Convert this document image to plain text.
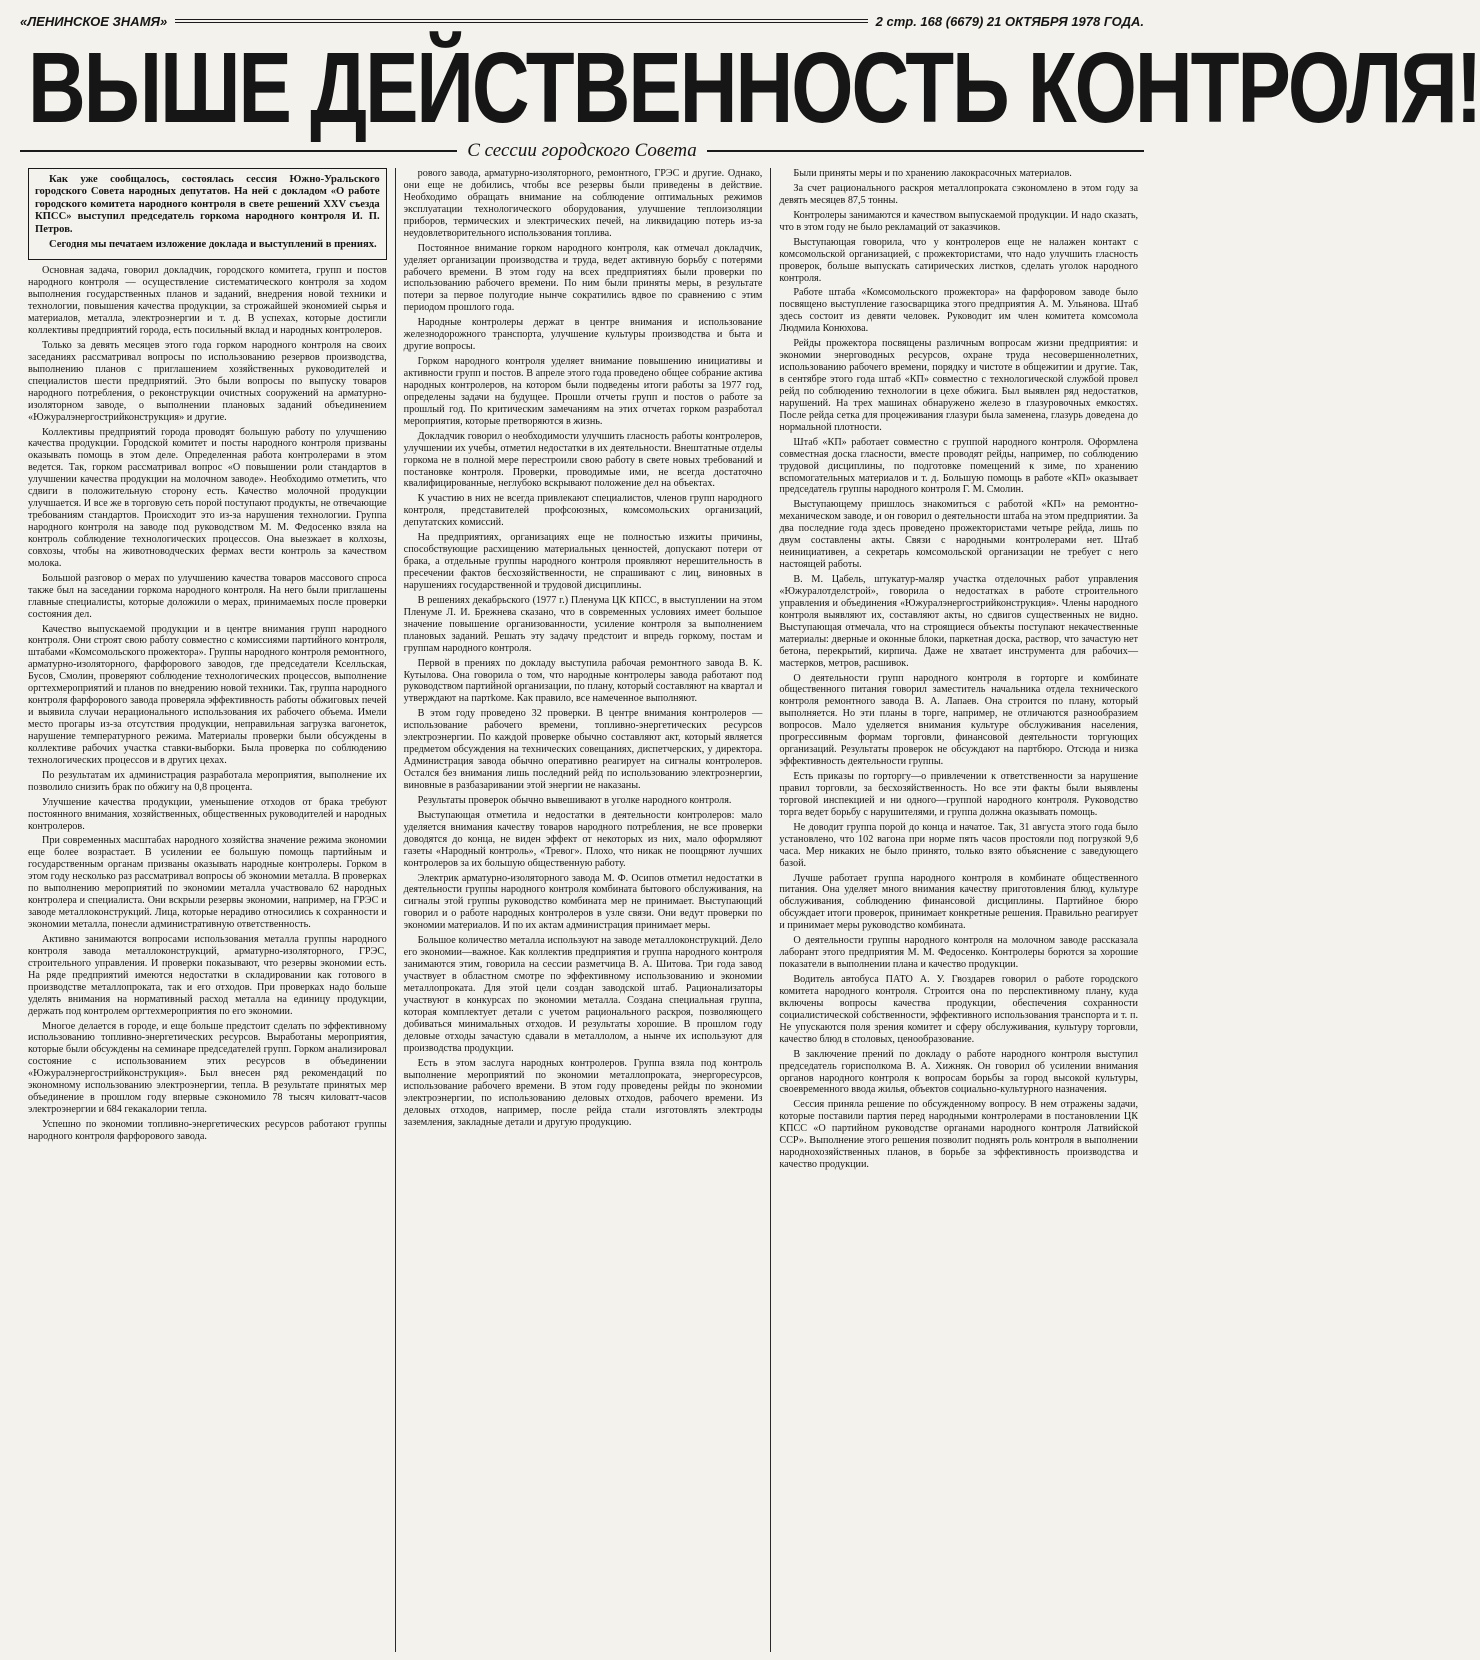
«ЛЕНИНСКОЕ ЗНАМЯ»	2 стр. 168 (6679) 21 ОКТЯБРЯ 1978 ГОДА.
ВЫШЕ ДЕЙСТВЕННОСТЬ КОНТРОЛЯ!
С сессии городского Совета

Как уже сообщалось, состоялась сессия Южно-Уральского городского Совета народных депутатов. На ней с докладом «О работе городского комитета народного контроля в свете решений XXV съезда КПСС» выступил председатель горкома народного контроля И. П. Петров.

Сегодня мы печатаем изложение доклада и выступлений в прениях.

Основная задача, говорил докладчик, городского комитета, групп и постов народного контроля — осуществление систематического контроля за ходом выполнения государственных планов и заданий, внедрения новой техники и технологии, повышения качества продукции, за строжайшей экономией сырья и материалов, металла, электроэнергии и т. д. В успехах, которые достигли коллективы предприятий города, есть посильный вклад и народных контролеров.

Только за девять месяцев этого года горком народного контроля на своих заседаниях рассматривал вопросы по использованию резервов производства, выполнению планов с приглашением хозяйственных руководителей и специалистов шести предприятий. Это были вопросы по выпуску товаров народного потребления, о реконструкции очистных сооружений на арматурно-изоляторном заводе, о выполнении плановых заданий объединением «Южуралэнергострийконструкция» и другие.

Коллективы предприятий города проводят большую работу по улучшению качества продукции. Городской комитет и посты народного контроля призваны оказывать помощь в этом деле. Определенная работа контролерами в этом ведется. Так, горком рассматривал вопрос «О повышении роли стандартов в улучшении качества продукции на молочном заводе». Необходимо отметить, что сдвиги в положительную сторону есть. Качество молочной продукции улучшается. И все же в торговую сеть порой поступают продукты, не отвечающие требованиям стандартов. Происходит это из-за нарушения технологии. Группа народного контроля на заводе под руководством М. М. Федосенко взяла на контроль соблюдение технологических процессов. Она выезжает в колхозы, совхозы, чтобы на животноводческих фермах вести контроль за качеством молока.

Большой разговор о мерах по улучшению качества товаров массового спроса также был на заседании горкома народного контроля. На него были приглашены главные специалисты, которые доложили о мерах, принимаемых после проверки состояния дел.

Качество выпускаемой продукции и в центре внимания групп народного контроля. Они строят свою работу совместно с комиссиями партийного контроля, штабами «Комсомольского прожектора». Группы народного контроля ремонтного, арматурно-изоляторного, фарфорового заводов, где председатели Кселльская, Бусов, Смолин, проверяют соблюдение технологических процессов, выполнение оргтехмероприятий и планов по внедрению новой техники. Так, группа народного контроля фарфорового завода проверяла эффективность работы обжиговых печей и выявила случаи нерационального использования их рабочего объема. Имели место прогары из-за отсутствия продукции, неправильная загрузка вагонеток, нарушение температурного режима. Материалы проверки были обсуждены в коллективе рабочих участка ставки-выборки. Была проверка по соблюдению технологических процессов и в других цехах.

По результатам их администрация разработала мероприятия, выполнение их позволило снизить брак по обжигу на 0,8 процента.

Улучшение качества продукции, уменьшение отходов от брака требуют постоянного внимания, хозяйственных, общественных руководителей и народных контролеров.

При современных масштабах народного хозяйства значение режима экономии еще более возрастает. В усилении ее большую помощь партийным и государственным органам призваны оказывать народные контролеры. Горком в этом году несколько раз рассматривал вопросы об экономии металла. В проверках по выполнению мероприятий по экономии металла участвовало 62 народных контролера и специалиста. Они вскрыли резервы экономии, например, на ГРЭС и заводе металлоконструкций. Лица, которые нерадиво относились к сохранности и экономии металла, понесли административную ответственность.

Активно занимаются вопросами использования металла группы народного контроля завода металлоконструкций, арматурно-изоляторного, ГРЭС, строительного управления. И проверки показывают, что резервы экономии есть. На ряде предприятий имеются недостатки в складировании как готового в производстве металлопроката, так и его отходов. При проверках надо больше уделять внимания на нормативный расход металла на единицу продукции, держать под контролем оргтехмероприятия по его экономии.

Многое делается в городе, и еще больше предстоит сделать по эффективному использованию топливно-энергетических ресурсов. Выработаны мероприятия, которые были обсуждены на семинаре председателей групп. Горком анализировал состояние с использованием этих ресурсов в объединении «Южуралэнергострийконструкция». Был внесен ряд рекомендаций по экономному использованию электроэнергии, тепла. В результате принятых мер объединение в прошлом году впервые сэкономило 78 тысяч киловатт-часов электроэнергии и 684 гекакалории тепла.

Успешно по экономии топливно-энергетических ресурсов работают группы народного контроля фарфорового завода.

рового завода, арматурно-изоляторного, ремонтного, ГРЭС и другие. Однако, они еще не добились, чтобы все резервы были приведены в действие. Необходимо обращать внимание на соблюдение оптимальных режимов эксплуатации технологического оборудования, улучшение теплоизоляции приборов, термических и электрических печей, на ликвидацию потерь из-за неудовлетворительного использования топлива.

Постоянное внимание горком народного контроля, как отмечал докладчик, уделяет организации производства и труда, ведет активную борьбу с потерями рабочего времени. В этом году на всех предприятиях были проверки по использованию рабочего времени. По ним были приняты меры, в результате потери за первое полугодие нынче сократились вдвое по сравнению с этим периодом прошлого года.

Народные контролеры держат в центре внимания и использование железнодорожного транспорта, улучшение культуры производства и быта и другие вопросы.

Горком народного контроля уделяет внимание повышению инициативы и активности групп и постов. В апреле этого года проведено общее собрание актива народных контролеров, на котором были подведены итоги работы за 1977 год, определены задачи на будущее. Прошли отчеты групп и постов о работе за прошлый год. По критическим замечаниям на этих отчетах горком разработал мероприятия, которые претворяются в жизнь.

Докладчик говорил о необходимости улучшить гласность работы контролеров, улучшении их учебы, отметил недостатки в их деятельности. Внештатные отделы горкома не в полной мере перестроили свою работу в свете новых требований и постановке контроля. Проверки, проводимые ими, не всегда достаточно квалифицированные, неглубоко вскрывают положение дел на объектах.

К участию в них не всегда привлекают специалистов, членов групп народного контроля, представителей профсоюзных, комсомольских организаций, депутатских комиссий.

На предприятиях, организациях еще не полностью изжиты причины, способствующие расхищению материальных ценностей, допускают потери от брака, а отдельные группы народного контроля проявляют нерешительность в пресечении фактов бесхозяйственности, не спрашивают с лиц, виновных в нарушениях государственной и трудовой дисциплины.

В решениях декабрьского (1977 г.) Пленума ЦК КПСС, в выступлении на этом Пленуме Л. И. Брежнева сказано, что в современных условиях имеет большое значение повышение организованности, усиление контроля за выполнением плановых заданий. Решать эту задачу предстоит и впредь горкому, постам и группам народного контроля.

Первой в прениях по докладу выступила рабочая ремонтного завода В. К. Кутылова. Она говорила о том, что народные контролеры завода работают под руководством партийной организации, по плану, который составляют на квартал и утверждают на партkоме. Как правило, все намеченное выполняют.

В этом году проведено 32 проверки. В центре внимания контролеров — использование рабочего времени, топливно-энергетических ресурсов электроэнергии. По каждой проверке обычно составляют акт, который является предметом обсуждения на технических совещаниях, диспетчерских, у директора. Администрация завода обычно оперативно реагирует на сигналы контролеров. Остался без внимания лишь последний рейд по использованию электроэнергии, виновные в разбазаривании этой энергии не наказаны.

Результаты проверок обычно вывешивают в уголке народного контроля.

Выступающая отметила и недостатки в деятельности контролеров: мало уделяется внимания качеству товаров народного потребления, не все проверки доводятся до конца, не виден эффект от некоторых из них, мало оформляют газеты «Народный контроль», «Тревог». Плохо, что никак не поощряют лучших контролеров за их большую общественную работу.

Электрик арматурно-изоляторного завода М. Ф. Осипов отметил недостатки в деятельности группы народного контроля комбината бытового обслуживания, на сигналы этой группы руководство комбината мер не принимает. Выступающий говорил и о работе народных контролеров в узле связи. Они ведут проверки по экономии материалов. И по их актам администрация принимает меры.

Большое количество металла используют на заводе металлоконструкций. Дело его экономии—важное. Как коллектив предприятия и группа народного контроля занимаются этим, говорила на сессии разметчица В. А. Шитова. Три года завод участвует в областном смотре по эффективному использованию и экономии металлопроката. Для этой цели создан заводской штаб. Рационализаторы участвуют в конкурсах по экономии металла. Создана специальная группа, которая комплектует детали с учетом рационального раскроя, позволяющего добиваться минимальных отходов. И результаты хорошие. В прошлом году деловые отходы зачастую сдавали в металлолом, а нынче их используют для производства продукции.

Есть в этом заслуга народных контролеров. Группа взяла под контроль выполнение мероприятий по экономии металлопроката, энергоресурсов, использование рабочего времени. В этом году проведены рейды по экономии электроэнергии, по использованию деловых отходов, рабочего времени. Из деловых отходов, например, после рейда стали изготовлять электроды заземления, закладные детали и другую продукцию.

Были приняты меры и по хранению лакокрасочных материалов.

За счет рационального раскроя металлопроката сэкономлено в этом году за девять месяцев 87,5 тонны.

Контролеры занимаются и качеством выпускаемой продукции. И надо сказать, что в этом году не было рекламаций от заказчиков.

Выступающая говорила, что у контролеров еще не налажен контакт с комсомольской организацией, с прожектористами, что надо улучшить гласность проверок, больше выпускать сатирических листков, сделать уголок народного контроля.

Работе штаба «Комсомольского прожектора» на фарфоровом заводе было посвящено выступление газосварщика этого предприятия А. М. Ульянова. Штаб здесь состоит из девяти человек. Руководит им член комитета комсомола Людмила Конюхова.

Рейды прожектора посвящены различным вопросам жизни предприятия: и экономии энерговодных ресурсов, охране труда несовершеннолетних, использованию рабочего времени, порядку и чистоте в общежитии и другие. Так, в сентябре этого года штаб «КП» совместно с технологической службой провел рейд по соблюдению технологии в цехе обжига. Был выявлен ряд недостатков, нарушений. На трех машинах обнаружено железо в глазуровочных емкостях. После рейда сетка для процеживания глазури была заменена, глазурь доведена до нормальной плотности.

Штаб «КП» работает совместно с группой народного контроля. Оформлена совместная доска гласности, вместе проводят рейды, например, по соблюдению трудовой дисциплины, по подготовке помещений к зиме, по хранению вспомогательных материалов и т. д. Большую помощь в работе «КП» оказывает председатель группы народного контроля Г. М. Смолин.

Выступающему пришлось знакомиться с работой «КП» на ремонтно-механическом заводе, и он говорил о деятельности штаба на этом предприятии. За два последние года здесь проведено прожектористами четыре рейда, лишь по двум составлены акты. Связи с народными контролерами нет. Штаб неинициативен, а секретарь комсомольской организации не требует с него настоящей работы.

В. М. Цабель, штукатур-маляр участка отделочных работ управления «Южуралотделстрой», говорила о недостатках в работе строительного управления и объединения «Южуралэнергострийконструкция». Члены народного контроля выявляют их, составляют акты, но сдвигов существенных не видно. Выступающая отмечала, что на строящиеся объекты поступают некачественные материалы: дверные и оконные блоки, паркетная доска, раствор, что зачастую нет бетона, перекрытий, кирпича. Даже не хватает инструмента для рабочих—мастерков, метров, расшивок.

О деятельности групп народного контроля в горторге и комбинате общественного питания говорил заместитель начальника отдела технического контроля ремонтного завода В. А. Лапаев. Она строится по плану, который выполняется. Но эти планы в торге, например, не отличаются разнообразием вопросов. Мало уделяется внимания культуре обслуживания населения, прогрессивным формам торговли, финансовой деятельности торгующих организаций. Результаты проверок не обсуждают на партбюро. Отсюда и низка эффективность деятельности группы.

Есть приказы по горторгу—о привлечении к ответственности за нарушение правил торговли, за бесхозяйственность. Но все эти факты были выявлены торговой инспекцией и ни одного—группой народного контроля. Руководство торга ведет борьбу с нарушителями, и группа должна оказывать помощь.

Не доводит группа порой до конца и начатое. Так, 31 августа этого года было установлено, что 102 вагона при норме пять часов простояли под погрузкой 9,6 часа. Мер никаких не было принято, только взято объяснение с заведующего базой.

Лучше работает группа народного контроля в комбинате общественного питания. Она уделяет много внимания качеству приготовления блюд, культуре обслуживания, соблюдению финансовой дисциплины. Партийное бюро обсуждает итоги проверок, принимает конкретные решения. Правильно реагирует и принимает меры руководство комбината.

О деятельности группы народного контроля на молочном заводе рассказала лаборант этого предприятия М. М. Федосенко. Контролеры борются за хорошие показатели в выполнении плана и качество продукции.

Водитель автобуса ПАТО А. У. Гвоздарев говорил о работе городского комитета народного контроля. Строится она по перспективному плану, куда включены вопросы качества продукции, обеспечения сохранности социалистической собственности, эффективного использования транспорта и т. п. Не упускаются поля зрения комитет и сферу обслуживания, культуру торговли, качество блюд в столовых, ценообразование.

В заключение прений по докладу о работе народного контроля выступил председатель горисполкома В. А. Хижняк. Он говорил об усилении внимания органов народного контроля к вопросам борьбы за город высокой культуры, своевременного ввода жилья, объектов социально-культурного назначения.

Сессия приняла решение по обсужденному вопросу. В нем отражены задачи, которые поставили партия перед народными контролерами в постановлении ЦК КПСС «О партийном руководстве органами народного контроля Латвийской ССР». Выполнение этого решения позволит поднять роль контроля в выполнении народнохозяйственных планов, в борьбе за эффективность производства и качество продукции.
